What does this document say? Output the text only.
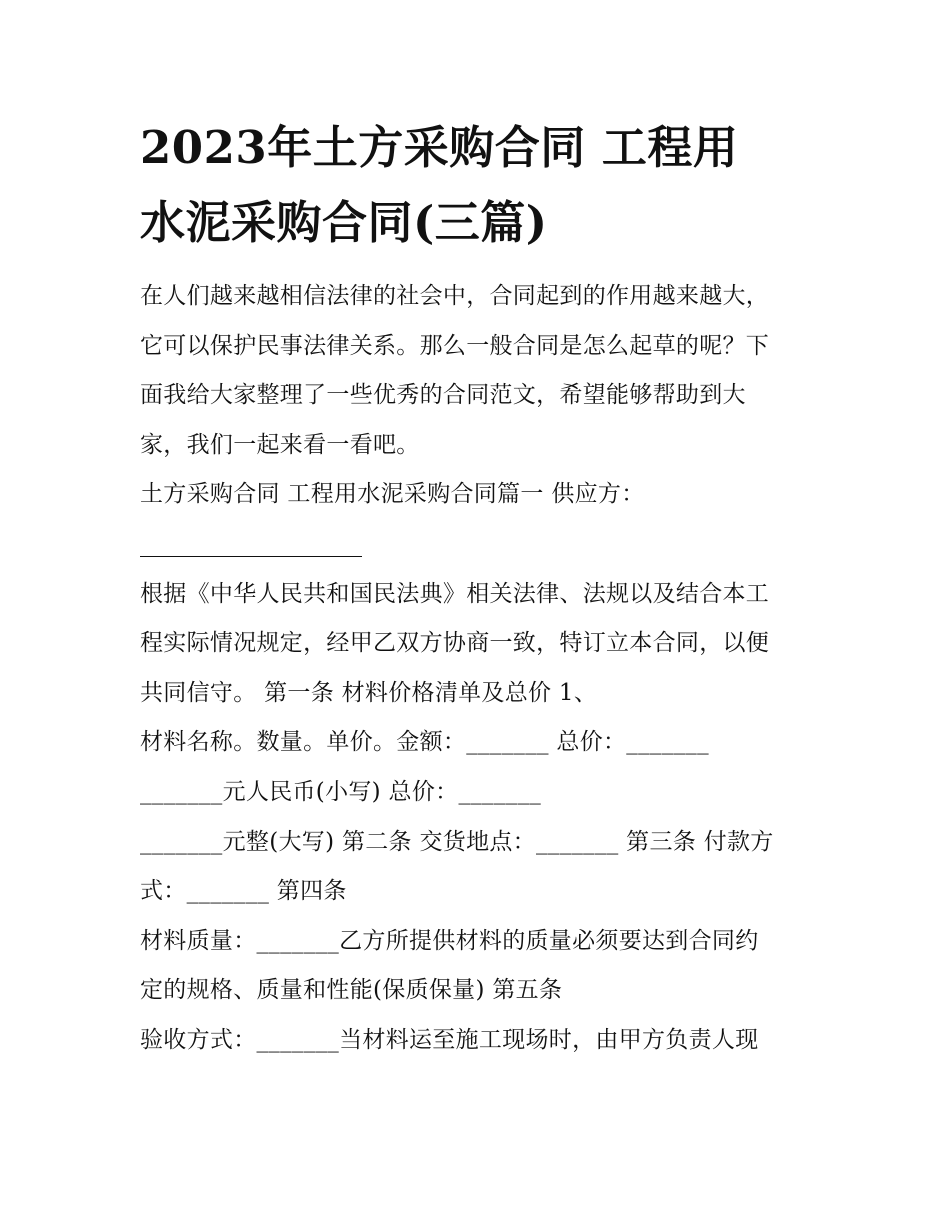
2023年土方采购合同 工程用
水泥采购合同(三篇)
在人们越来越相信法律的社会中，合同起到的作用越来越大，
它可以保护民事法律关系。那么一般合同是怎么起草的呢？下
面我给大家整理了一些优秀的合同范文，希望能够帮助到大
家，我们一起来看一看吧。
土方采购合同 工程用水泥采购合同篇一 供应方：
根据《中华人民共和国民法典》相关法律、法规以及结合本工
程实际情况规定，经甲乙双方协商一致，特订立本合同，以便
共同信守。 第一条 材料价格清单及总价 1、
材料名称。数量。单价。金额：_______ 总价：_______
_______元人民币(小写) 总价：_______
_______元整(大写) 第二条 交货地点：_______ 第三条 付款方
式：_______ 第四条
材料质量：_______乙方所提供材料的质量必须要达到合同约
定的规格、质量和性能(保质保量) 第五条
验收方式：_______当材料运至施工现场时，由甲方负责人现
